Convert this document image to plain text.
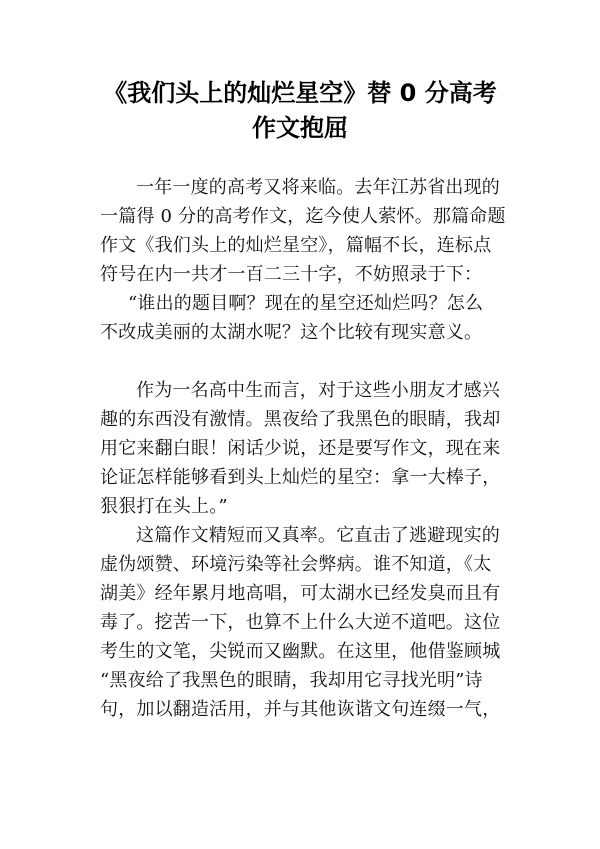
《我们头上的灿烂星空》替 0 分高考
作文抱屈
一年一度的高考又将来临。去年江苏省出现的
一篇得 0 分的高考作文，迄今使人萦怀。那篇命题
作文《我们头上的灿烂星空》，篇幅不长，连标点
符号在内一共才一百二三十字，不妨照录于下：
“谁出的题目啊？现在的星空还灿烂吗？怎么
不改成美丽的太湖水呢？这个比较有现实意义。
作为一名高中生而言，对于这些小朋友才感兴
趣的东西没有激情。黑夜给了我黑色的眼睛，我却
用它来翻白眼！闲话少说，还是要写作文，现在来
论证怎样能够看到头上灿烂的星空：拿一大棒子，
狠狠打在头上。”
这篇作文精短而又真率。它直击了逃避现实的
虚伪颂赞、环境污染等社会弊病。谁不知道，《太
湖美》经年累月地高唱，可太湖水已经发臭而且有
毒了。挖苦一下，也算不上什么大逆不道吧。这位
考生的文笔，尖锐而又幽默。在这里，他借鉴顾城
“黑夜给了我黑色的眼睛，我却用它寻找光明”诗
句，加以翻造活用，并与其他诙谐文句连缀一气，
